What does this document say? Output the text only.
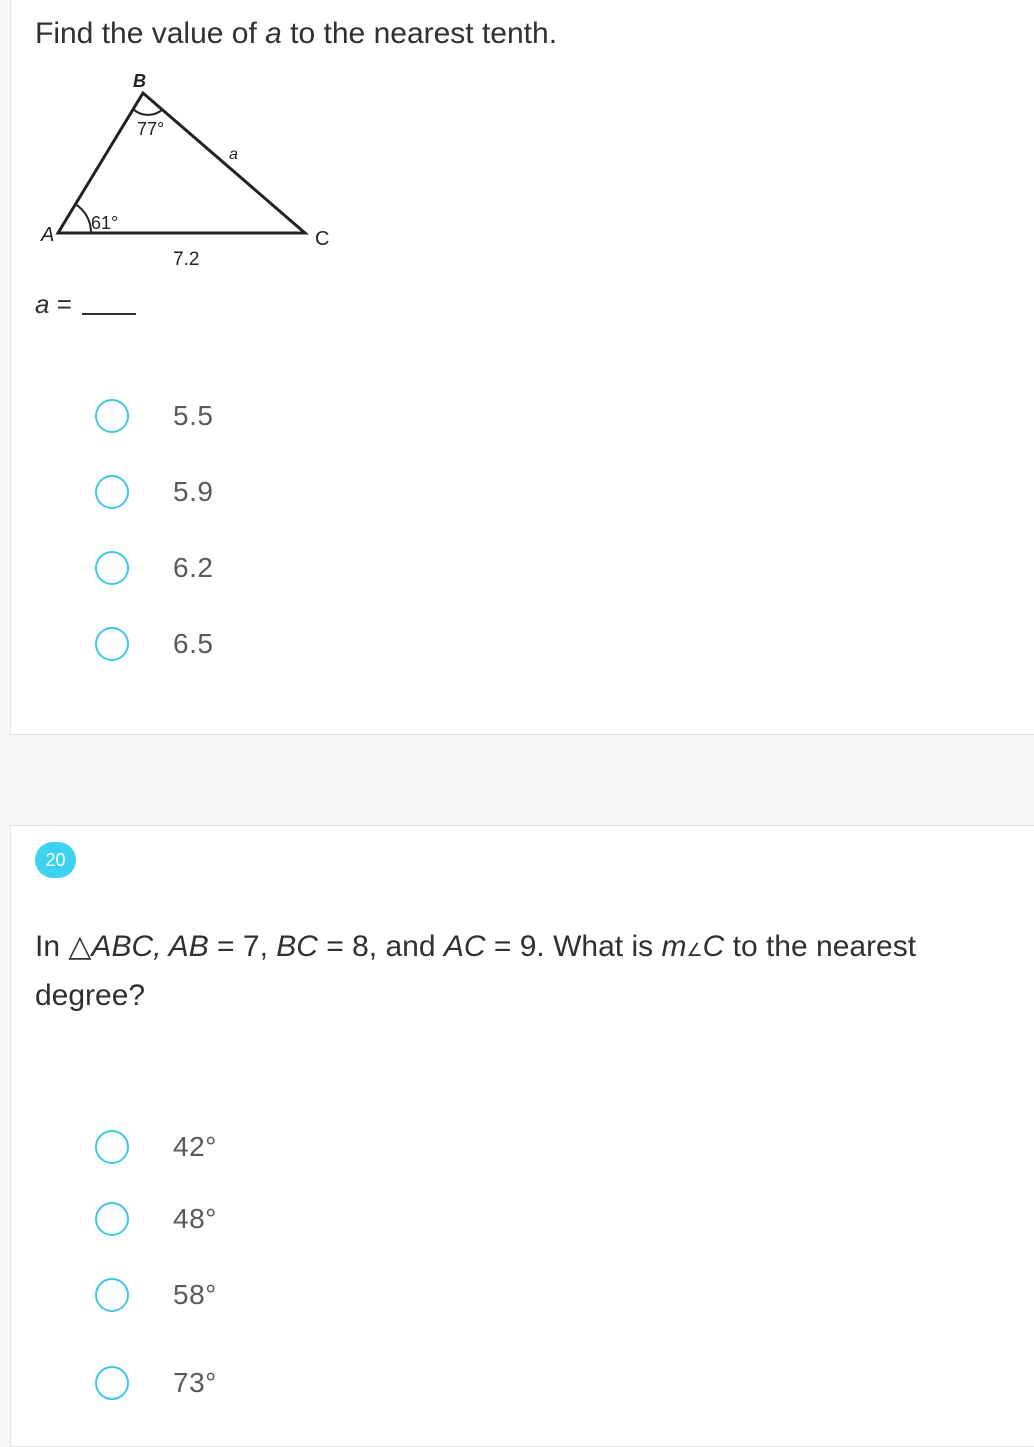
Find the value of a to the nearest tenth.
A
B
C
61°
77°
a
7.2
a =
5.5
5.9
6.2
6.5
20
In △ABC, AB = 7, BC = 8, and AC = 9. What is m∠C to the nearest degree?
42°
48°
58°
73°
